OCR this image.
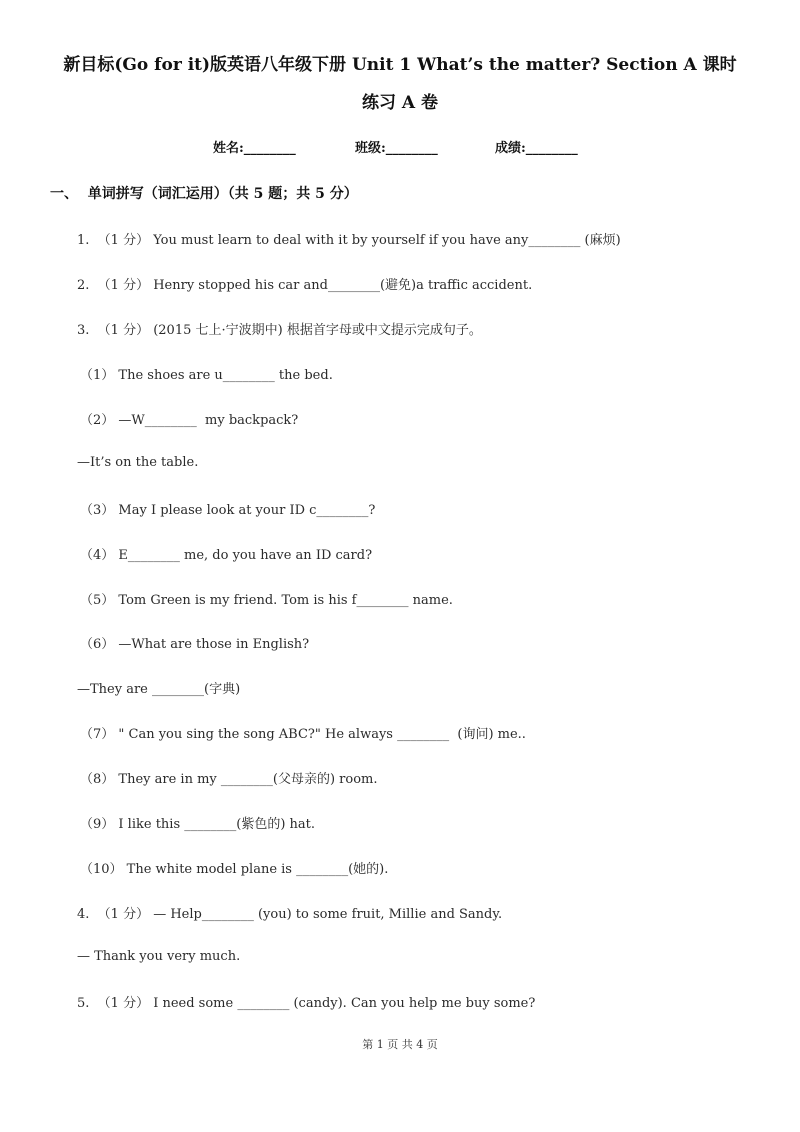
新目标(Go for it)版英语八年级下册 Unit 1 What’s the matter? Section A 课时
练习 A 卷
姓名:________	班级:________	成绩:________
一、  单词拼写（词汇运用）（共 5 题；共 5 分）
1.  （1 分） You must learn to deal with it by yourself if you have any________ (麻烦)
2.  （1 分） Henry stopped his car and________(避免)a traffic accident.
3.  （1 分） (2015 七上·宁波期中) 根据首字母或中文提示完成句子。
（1） The shoes are u________ the bed.
（2） —W________  my backpack?
—It’s on the table.
（3） May I please look at your ID c________?
（4） E________ me, do you have an ID card?
（5） Tom Green is my friend. Tom is his f________ name.
（6） —What are those in English?
—They are ________(字典)
（7） " Can you sing the song ABC?" He always ________  (询问) me..
（8） They are in my ________(父母亲的) room.
（9） I like this ________(紫色的) hat.
（10） The white model plane is ________(她的).
4.  （1 分） — Help________ (you) to some fruit, Millie and Sandy.
— Thank you very much.
5.  （1 分） I need some ________ (candy). Can you help me buy some?
第 1 页 共 4 页
